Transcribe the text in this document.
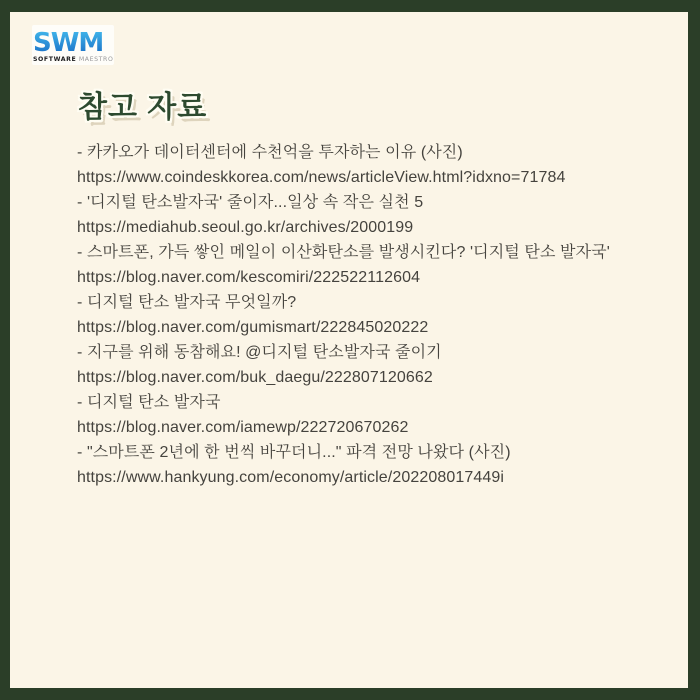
SWM
SOFTWARE MAESTRO
참고 자료
- 카카오가 데이터센터에 수천억을 투자하는 이유 (사진)
https://www.coindeskkorea.com/news/articleView.html?idxno=71784
- '디지털 탄소발자국' 줄이자...일상 속 작은 실천 5
https://mediahub.seoul.go.kr/archives/2000199
- 스마트폰, 가득 쌓인 메일이 이산화탄소를 발생시킨다? '디지털 탄소 발자국'
https://blog.naver.com/kescomiri/222522112604
- 디지털 탄소 발자국 무엇일까?
https://blog.naver.com/gumismart/222845020222
- 지구를 위해 동참해요! @디지털 탄소발자국 줄이기
https://blog.naver.com/buk_daegu/222807120662
- 디지털 탄소 발자국
https://blog.naver.com/iamewp/222720670262
- "스마트폰 2년에 한 번씩 바꾸더니..." 파격 전망 나왔다 (사진)
https://www.hankyung.com/economy/article/202208017449i
